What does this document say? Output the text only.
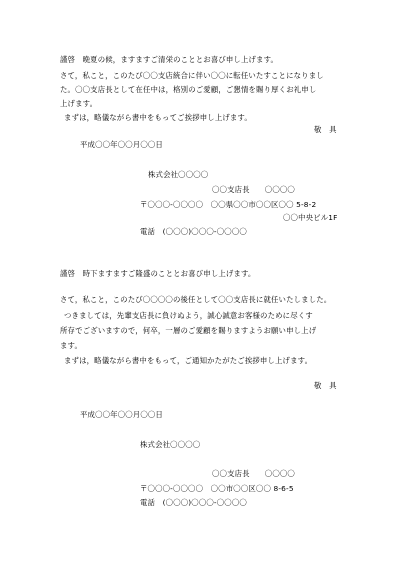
謹啓　晩夏の候，ますますご清栄のこととお喜び申し上げます。
さて，私こと，このたび〇〇支店統合に伴い〇〇に転任いたすことになりまし
た。〇〇支店長として在任中は，格別のご愛顧，ご懇情を賜り厚くお礼申し
上げます。
まずは，略儀ながら書中をもってご挨拶申し上げます。
敬　具
平成〇〇年〇〇月〇〇日
株式会社〇〇〇〇
〇〇支店長　　〇〇〇〇
〒〇〇〇-〇〇〇〇　〇〇県〇〇市〇〇区〇〇 5-8-2
〇〇中央ビル1F
電話　(〇〇〇)〇〇〇-〇〇〇〇
謹啓　時下ますますご隆盛のこととお喜び申し上げます。
さて，私こと，このたび〇〇〇〇の後任として〇〇支店長に就任いたしました。
つきましては，先輩支店長に負けぬよう，誠心誠意お客様のために尽くす
所存でございますので，何卒，一層のご愛顧を賜りますようお願い申し上げ
ます。
まずは，略儀ながら書中をもって，ご通知かたがたご挨拶申し上げます。
敬　具
平成〇〇年〇〇月〇〇日
株式会社〇〇〇〇
〇〇支店長　　〇〇〇〇
〒〇〇〇-〇〇〇〇　〇〇市〇〇区〇〇 8-6-5
電話　(〇〇〇)〇〇〇-〇〇〇〇
